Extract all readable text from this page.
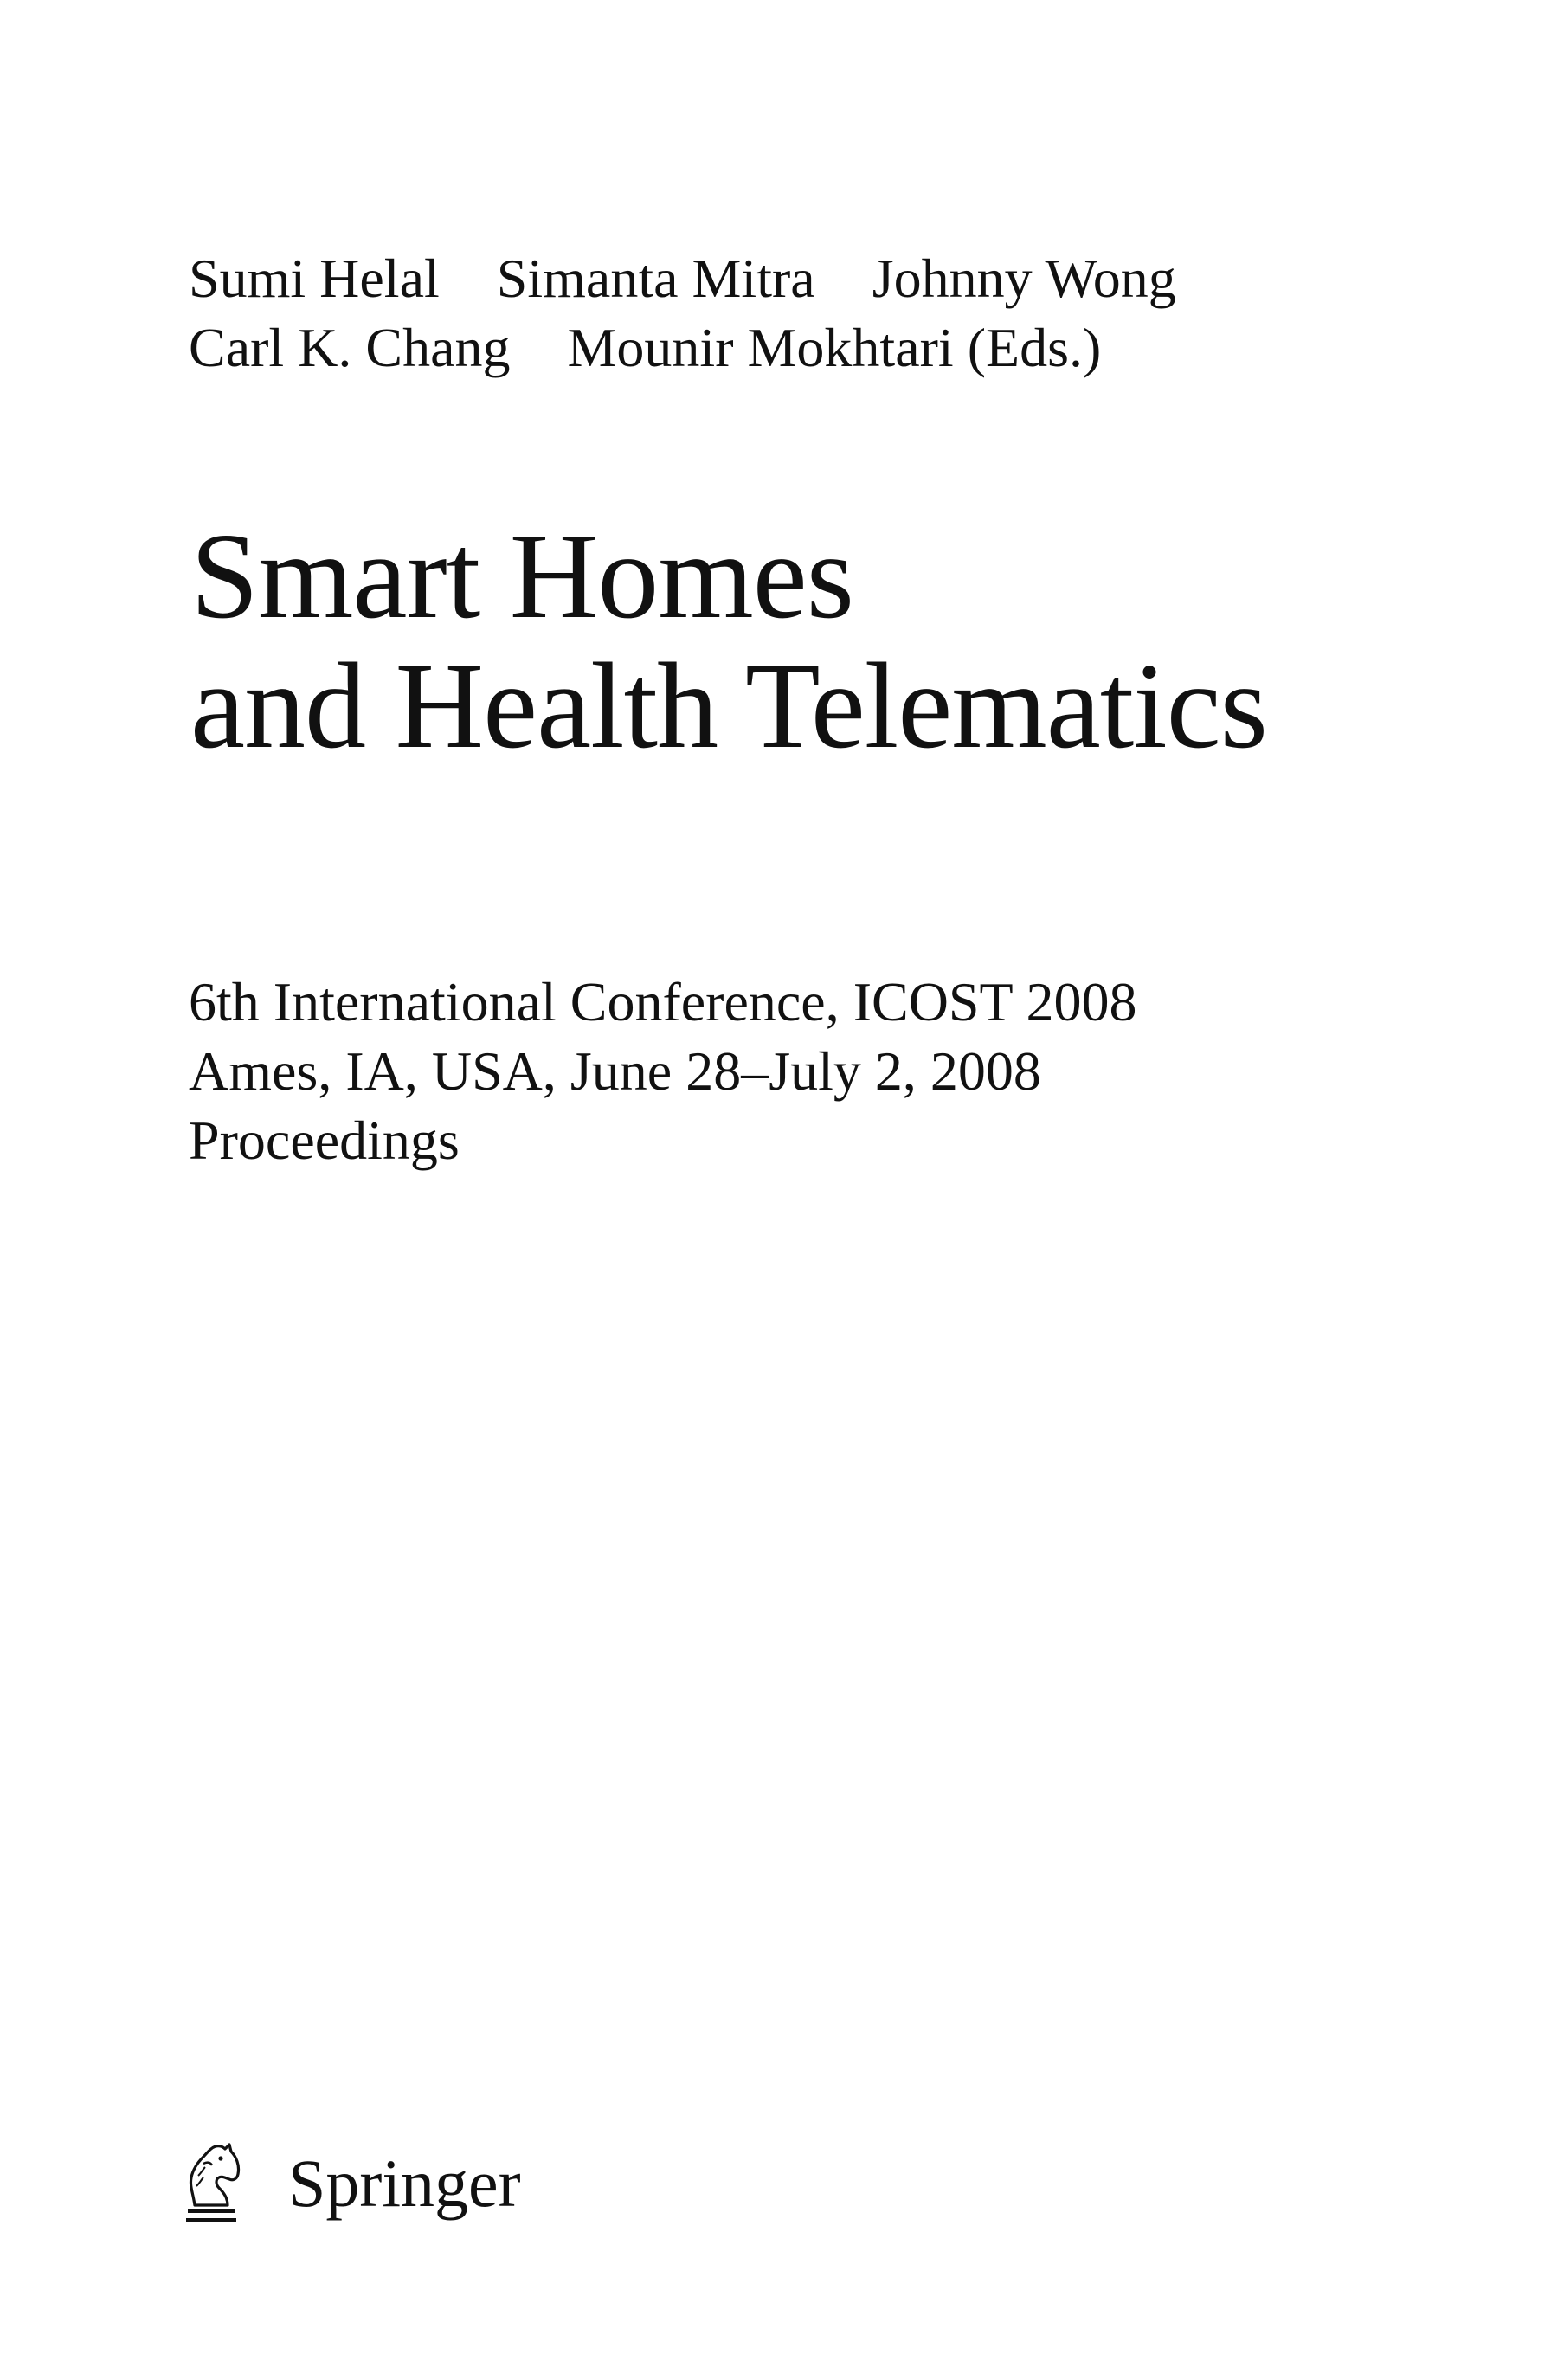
Sumi Helal Simanta Mitra Johnny Wong
Carl K. Chang Mounir Mokhtari (Eds.)
Smart Homes
and Health Telematics
6th International Conference, ICOST 2008
Ames, IA, USA, June 28–July 2, 2008
Proceedings
Springer
